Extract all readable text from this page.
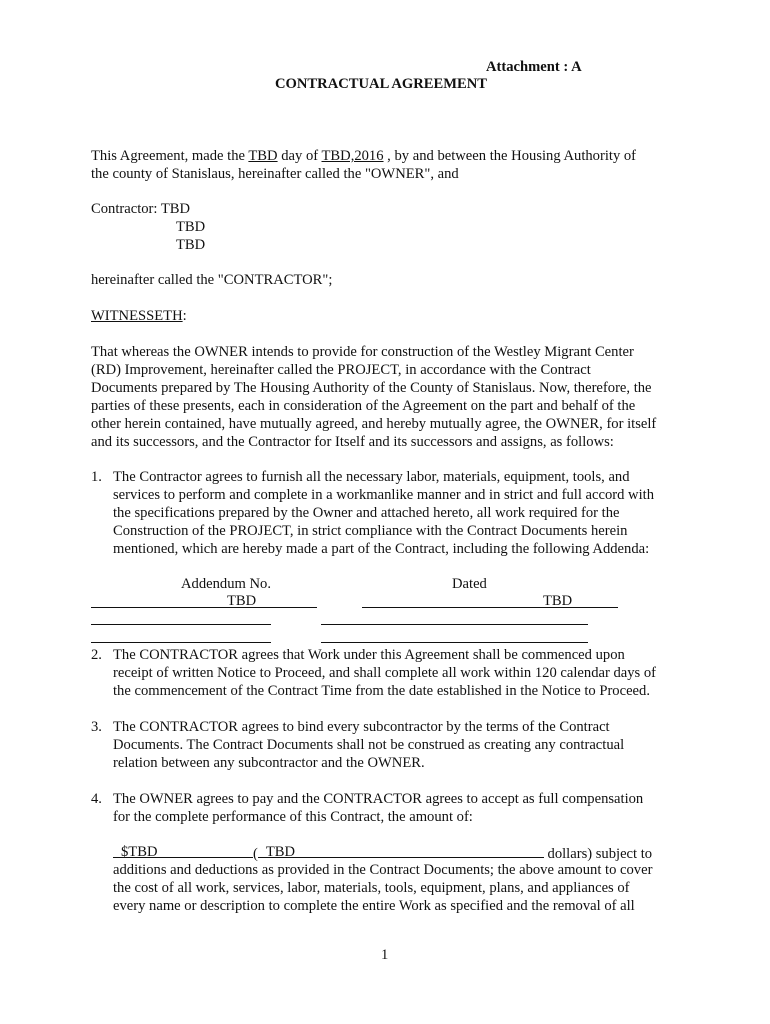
Attachment : A
CONTRACTUAL AGREEMENT
This Agreement, made the TBD day of TBD,2016 , by and between the Housing Authority of
the county of Stanislaus, hereinafter called the "OWNER", and
Contractor: TBD
TBD
TBD
hereinafter called the "CONTRACTOR";
WITNESSETH:
That whereas the OWNER intends to provide for construction of the Westley Migrant Center
(RD) Improvement, hereinafter called the PROJECT, in accordance with the Contract
Documents prepared by The Housing Authority of the County of Stanislaus. Now, therefore, the
parties of these presents, each in consideration of the Agreement on the part and behalf of the
other herein contained, have mutually agreed, and hereby mutually agree, the OWNER, for itself
and its successors, and the Contractor for Itself and its successors and assigns, as follows:
1. The Contractor agrees to furnish all the necessary labor, materials, equipment, tools, and
services to perform and complete in a workmanlike manner and in strict and full accord with
the specifications prepared by the Owner and attached hereto, all work required for the
Construction of the PROJECT, in strict compliance with the Contract Documents herein
mentioned, which are hereby made a part of the Contract, including the following Addenda:
Addendum No.	Dated
TBD	TBD
2. The CONTRACTOR agrees that Work under this Agreement shall be commenced upon
receipt of written Notice to Proceed, and shall complete all work within 120 calendar days of
the commencement of the Contract Time from the date established in the Notice to Proceed.
3. The CONTRACTOR agrees to bind every subcontractor by the terms of the Contract
Documents. The Contract Documents shall not be construed as creating any contractual
relation between any subcontractor and the OWNER.
4. The OWNER agrees to pay and the CONTRACTOR agrees to accept as full compensation
for the complete performance of this Contract, the amount of:
$TBD	( TBD	dollars) subject to
additions and deductions as provided in the Contract Documents; the above amount to cover
the cost of all work, services, labor, materials, tools, equipment, plans, and appliances of
every name or description to complete the entire Work as specified and the removal of all
1
